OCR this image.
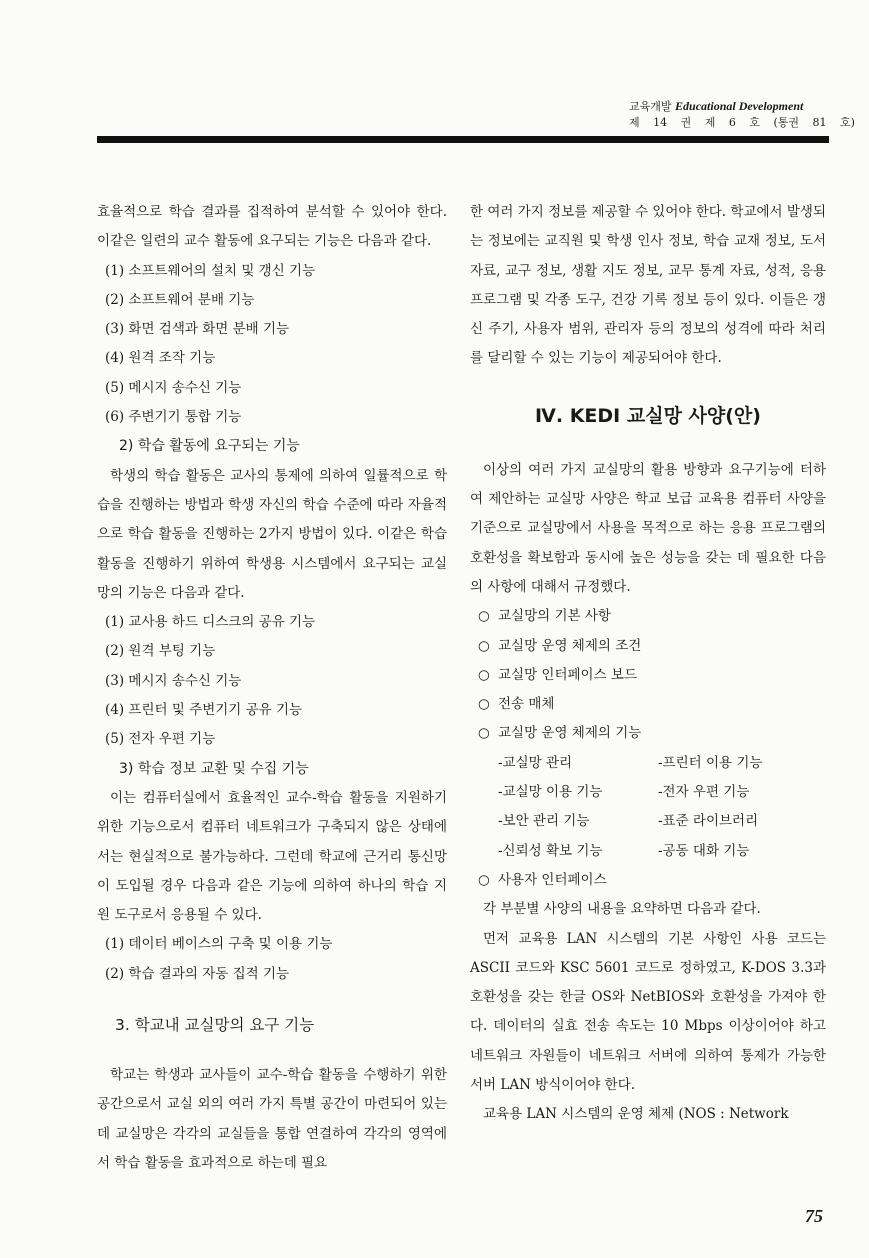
교육개발 Educational Development
제 14 권 제 6 호 (통권 81 호)

효율적으로 학습 결과를 집적하여 분석할 수 있어야 한다. 이같은 일련의 교수 활동에 요구되는 기능은 다음과 같다.

(1) 소프트웨어의 설치 및 갱신 기능

(2) 소프트웨어 분배 기능

(3) 화면 검색과 화면 분배 기능

(4) 원격 조작 기능

(5) 메시지 송수신 기능

(6) 주변기기 통합 기능

2) 학습 활동에 요구되는 기능

학생의 학습 활동은 교사의 통제에 의하여 일률적으로 학습을 진행하는 방법과 학생 자신의 학습 수준에 따라 자율적으로 학습 활동을 진행하는 2가지 방법이 있다. 이같은 학습 활동을 진행하기 위하여 학생용 시스템에서 요구되는 교실망의 기능은 다음과 같다.

(1) 교사용 하드 디스크의 공유 기능

(2) 원격 부팅 기능

(3) 메시지 송수신 기능

(4) 프린터 및 주변기기 공유 기능

(5) 전자 우편 기능

3) 학습 정보 교환 및 수집 기능

이는 컴퓨터실에서 효율적인 교수-학습 활동을 지원하기 위한 기능으로서 컴퓨터 네트워크가 구축되지 않은 상태에서는 현실적으로 불가능하다. 그런데 학교에 근거리 통신망이 도입될 경우 다음과 같은 기능에 의하여 하나의 학습 지원 도구로서 응용될 수 있다.

(1) 데이터 베이스의 구축 및 이용 기능

(2) 학습 결과의 자동 집적 기능

3. 학교내 교실망의 요구 기능

학교는 학생과 교사들이 교수-학습 활동을 수행하기 위한 공간으로서 교실 외의 여러 가지 특별 공간이 마련되어 있는데 교실망은 각각의 교실들을 통합 연결하여 각각의 영역에서 학습 활동을 효과적으로 하는데 필요

한 여러 가지 정보를 제공할 수 있어야 한다. 학교에서 발생되는 정보에는 교직원 및 학생 인사 정보, 학습 교재 정보, 도서 자료, 교구 정보, 생활 지도 정보, 교무 통계 자료, 성적, 응용 프로그램 및 각종 도구, 건강 기록 정보 등이 있다. 이들은 갱신 주기, 사용자 범위, 관리자 등의 정보의 성격에 따라 처리를 달리할 수 있는 기능이 제공되어야 한다.

Ⅳ. KEDI 교실망 사양(안)

이상의 여러 가지 교실망의 활용 방향과 요구기능에 터하여 제안하는 교실망 사양은 학교 보급 교육용 컴퓨터 사양을 기준으로 교실망에서 사용을 목적으로 하는 응용 프로그램의 호환성을 확보함과 동시에 높은 성능을 갖는 데 필요한 다음의 사항에 대해서 규정했다.

○ 교실망의 기본 사항

○ 교실망 운영 체제의 조건

○ 교실망 인터페이스 보드

○ 전송 매체

○ 교실망 운영 체제의 기능

-교실망 관리	-프린터 이용 기능
-교실망 이용 기능	-전자 우편 기능
-보안 관리 기능	-표준 라이브러리
-신뢰성 확보 기능	-공동 대화 기능

○ 사용자 인터페이스

각 부분별 사양의 내용을 요약하면 다음과 같다.

먼저 교육용 LAN 시스템의 기본 사항인 사용 코드는 ASCII 코드와 KSC 5601 코드로 정하였고, K-DOS 3.3과 호환성을 갖는 한글 OS와 NetBIOS와 호환성을 가져야 한다. 데이터의 실효 전송 속도는 10 Mbps 이상이어야 하고 네트워크 자원들이 네트워크 서버에 의하여 통제가 가능한 서버 LAN 방식이어야 한다.

교육용 LAN 시스템의 운영 체제 (NOS : Network

75
